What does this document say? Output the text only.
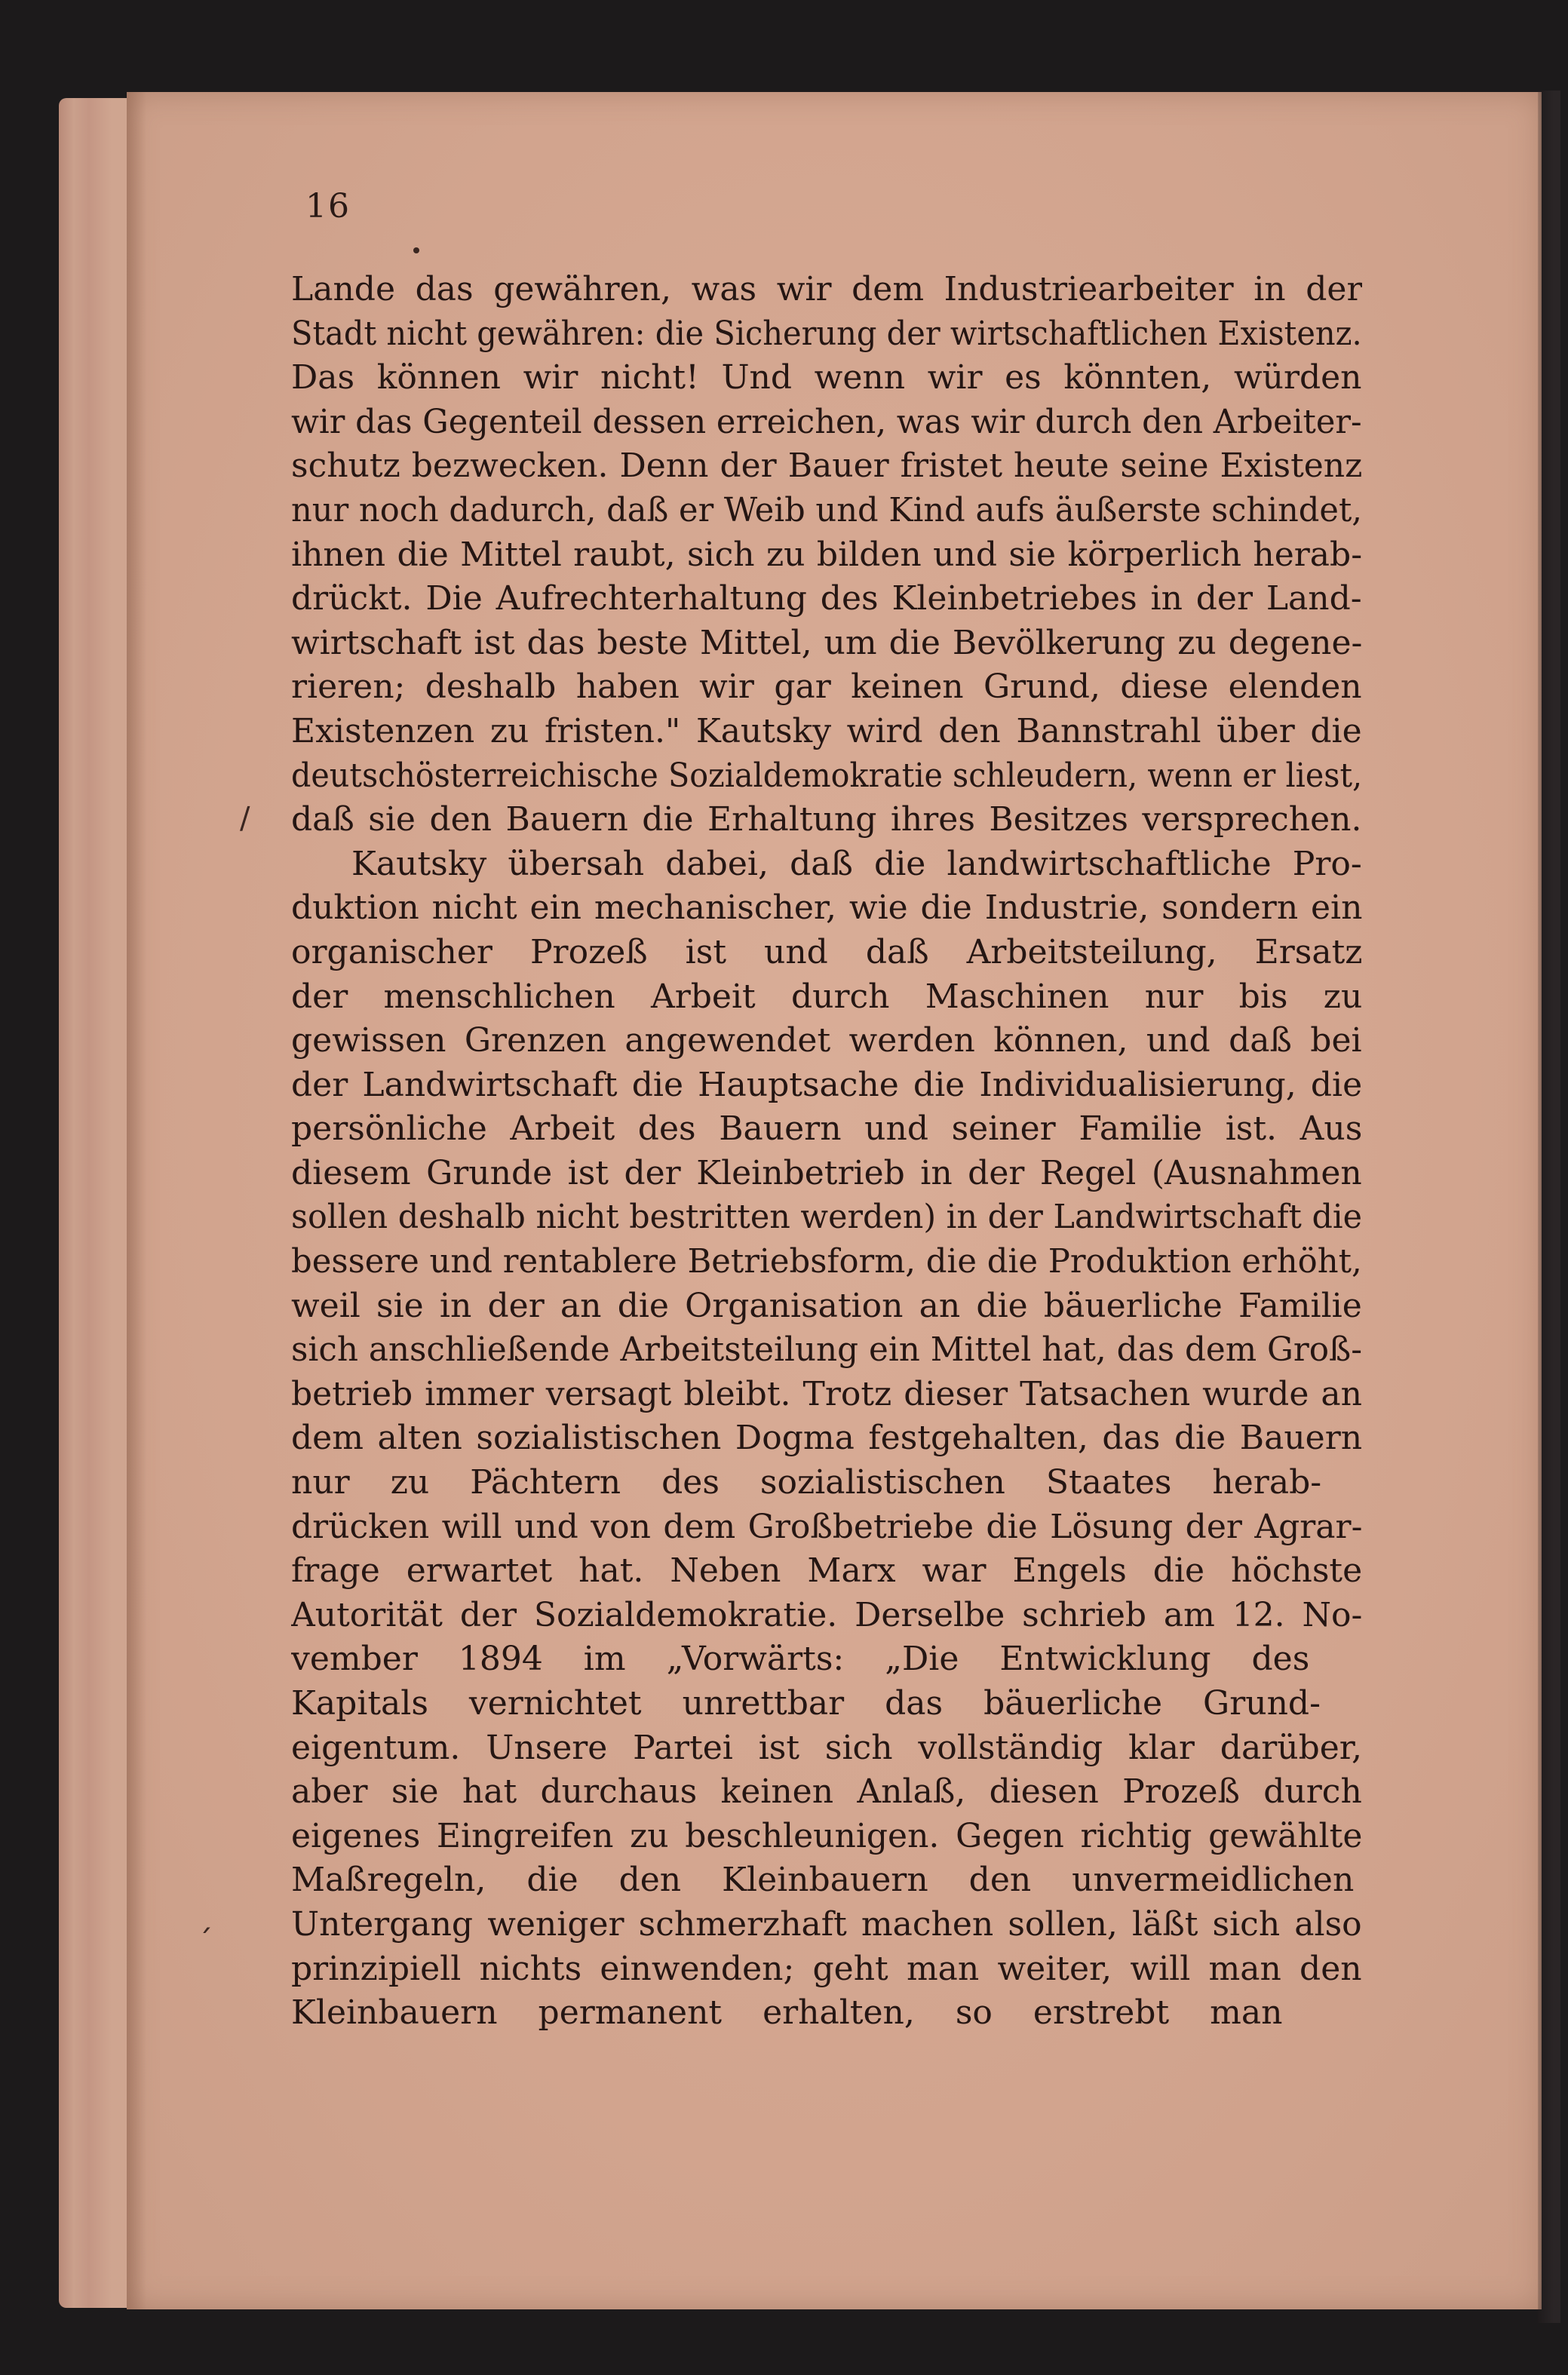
16
∕
´
Lande das gewähren, was wir dem Industriearbeiter in der
Stadt nicht gewähren: die Sicherung der wirtschaftlichen Existenz.
Das können wir nicht! Und wenn wir es könnten, würden
wir das Gegenteil dessen erreichen, was wir durch den Arbeiter-
schutz bezwecken. Denn der Bauer fristet heute seine Existenz
nur noch dadurch, daß er Weib und Kind aufs äußerste schindet,
ihnen die Mittel raubt, sich zu bilden und sie körperlich herab-
drückt. Die Aufrechterhaltung des Kleinbetriebes in der Land-
wirtschaft ist das beste Mittel, um die Bevölkerung zu degene-
rieren; deshalb haben wir gar keinen Grund, diese elenden
Existenzen zu fristen." Kautsky wird den Bannstrahl über die
deutschösterreichische Sozialdemokratie schleudern, wenn er liest,
daß sie den Bauern die Erhaltung ihres Besitzes versprechen.
Kautsky übersah dabei, daß die landwirtschaftliche Pro-
duktion nicht ein mechanischer, wie die Industrie, sondern ein
organischer Prozeß ist und daß Arbeitsteilung, Ersatz
der menschlichen Arbeit durch Maschinen nur bis zu
gewissen Grenzen angewendet werden können, und daß bei
der Landwirtschaft die Hauptsache die Individualisierung, die
persönliche Arbeit des Bauern und seiner Familie ist. Aus
diesem Grunde ist der Kleinbetrieb in der Regel (Ausnahmen
sollen deshalb nicht bestritten werden) in der Landwirtschaft die
bessere und rentablere Betriebsform, die die Produktion erhöht,
weil sie in der an die Organisation an die bäuerliche Familie
sich anschließende Arbeitsteilung ein Mittel hat, das dem Groß-
betrieb immer versagt bleibt. Trotz dieser Tatsachen wurde an
dem alten sozialistischen Dogma festgehalten, das die Bauern
nur zu Pächtern des sozialistischen Staates herab-
drücken will und von dem Großbetriebe die Lösung der Agrar-
frage erwartet hat. Neben Marx war Engels die höchste
Autorität der Sozialdemokratie. Derselbe schrieb am 12. No-
vember 1894 im „Vorwärts: „Die Entwicklung des
Kapitals vernichtet unrettbar das bäuerliche Grund-
eigentum. Unsere Partei ist sich vollständig klar darüber,
aber sie hat durchaus keinen Anlaß, diesen Prozeß durch
eigenes Eingreifen zu beschleunigen. Gegen richtig gewählte
Maßregeln, die den Kleinbauern den unvermeidlichen
Untergang weniger schmerzhaft machen sollen, läßt sich also
prinzipiell nichts einwenden; geht man weiter, will man den
Kleinbauern permanent erhalten, so erstrebt man
